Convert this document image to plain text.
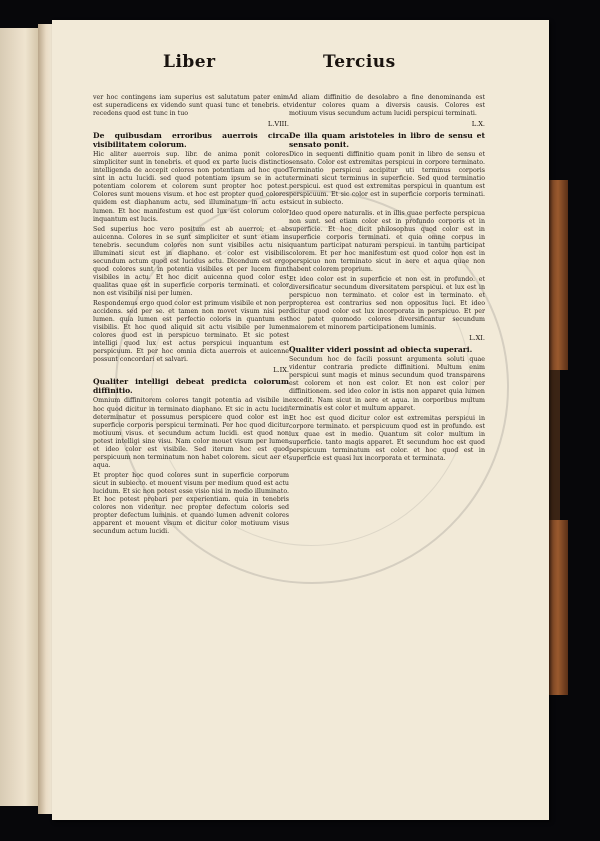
Liber	Tercius

ver hoc contingens iam superius est salutatum pater enim est superadicens ex videndo sunt quasi tunc et tenebris. et recedens quod est tunc in tuo

L.VIII.

De quibusdam erroribus auerrois circa visibilitatem colorum.

Hic aliter auerrois sup. libr. de anima ponit colores simpliciter sunt in tenebris. et quod ex parte lucis distinctio intelligenda de accepit colores non potentiam ad hoc quod sint in actu lucidi. sed quod potentiam ipsum se in actu potentiam colorem et colorem sunt propter hoc potest. Colores sunt mouens visum. et hoc est propter quod colores quidem est diaphanum actu, sed illuminatum in actu est lumen. Et hoc manifestum est quod lux est colorum color inquantum est lucis.

Sed superius hoc vero positum est ab auerroi; et ab auicenna. Colores in se sunt simpliciter et sunt etiam in tenebris. secundum colores non sunt visibiles actu nisi illuminati sicut est in diaphano. et color est visibilis secundum actum quod est lucidus actu. Dicendum est ergo quod colores sunt in potentia visibiles et per lucem fiunt visibiles in actu. Et hoc dicit auicenna quod color est qualitas quae est in superficie corporis terminati. et color non est visibilis nisi per lumen.

Respondemus ergo quod color est primum visibile et non per accidens. sed per se. et tamen non movet visum nisi per lumen. quia lumen est perfectio coloris in quantum est visibilis. Et hoc quod aliquid sit actu visibile per lumen colores quod est in perspicuo terminato. Et sic potest intelligi quod lux est actus perspicui inquantum est perspicuum. Et per hoc omnia dicta auerrois et auicenne possunt concordari et salvari.

L.IX.

Qualiter intelligi debeat predicta colorum diffinitio.

Omnium diffinitorem colores tangit potentia ad visibile in hoc quod dicitur in terminato diaphano. Et sic in actu lucidi determinatur et possumus perspicere quod color est in superficie corporis perspicui terminati. Per hoc quod dicitur motiuum visus. et secundum actum lucidi. est quod non potest intelligi sine visu. Nam color mouet visum per lumen et ideo color est visibile. Sed iterum hoc est quod perspicuum non terminatum non habet colorem. sicut aer et aqua.

Et propter hoc quod colores sunt in superficie corporum sicut in subiecto. et mouent visum per medium quod est actu lucidum. Et sic non potest esse visio nisi in medio illuminato. Et hoc potest probari per experientiam. quia in tenebris colores non videntur. nec propter defectum coloris sed propter defectum luminis. et quando lumen advenit colores apparent et mouent visum et dicitur color motiuum visus secundum actum lucidi.

Ad aliam diffinitio de desolabro a fine denominanda est videntur colores quam a diversis causis. Colores est motiuum visus secundum actum lucidi perspicui terminati.

L.X.

De illa quam aristoteles in libro de sensu et sensato ponit.

Dico in sequenti diffinitio quam ponit in libro de sensu et sensato. Color est extremitas perspicui in corpore terminato. Terminatio perspicui accipitur uti terminus corporis terminati sicut terminus in superficie. Sed quod terminatio perspicui. est quod est extremitas perspicui in quantum est perspicuum. Et sic color est in superficie corporis terminati. sicut in subiecto.

Ideo quod opere naturalis. et in illis quae perfecte perspicua non sunt. sed etiam color est in profundo corporis et in superficie. Et hoc dicit philosophus quod color est in superficie corporis terminati. et quia omne corpus in quantum participat naturam perspicui. in tantum participat colorem. Et per hoc manifestum est quod color non est in perspicuo non terminato sicut in aere et aqua quae non habent colorem proprium.

Et ideo color est in superficie et non est in profundo. et diversificatur secundum diversitatem perspicui. et lux est in perspicuo non terminato. et color est in terminato. et propterea est contrarius sed non oppositus luci. Et ideo dicitur quod color est lux incorporata in perspicuo. Et per hoc patet quomodo colores diversificantur secundum maiorem et minorem participationem luminis.

L.XI.

Qualiter videri possint ad obiecta superari.

Secundum hoc de facili possunt argumenta soluti quae videntur contraria predicte diffinitioni. Multum enim perspicui sunt magis et minus secundum quod transparens est colorem et non est color. Et non est color per diffinitionem. sed ideo color in istis non apparet quia lumen excedit. Nam sicut in aere et aqua. in corporibus multum terminatis est color et multum apparet.

Et hoc est quod dicitur color est extremitas perspicui in corpore terminato. et perspicuum quod est in profundo. est lux quae est in medio. Quantum sit color multum in superficie. tanto magis apparet. Et secundum hoc est quod perspicuum terminatum est color. et hoc quod est in superficie est quasi lux incorporata et terminata.
